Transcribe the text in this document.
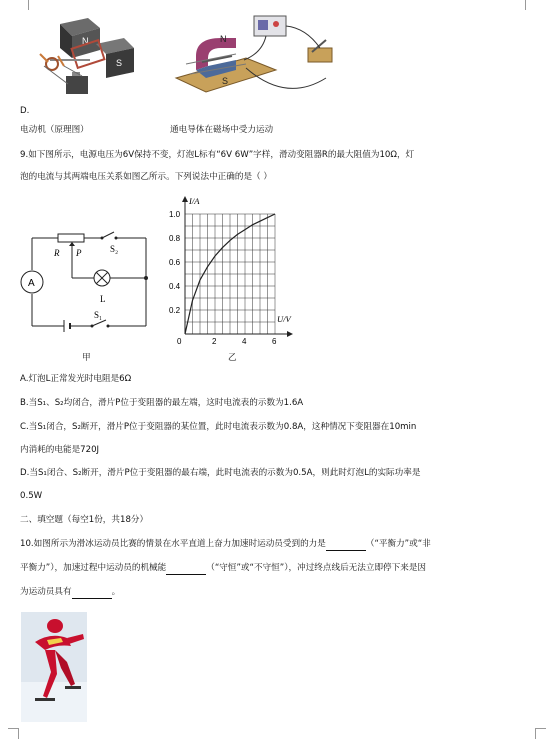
N
S
N
S
D.
电动机（原理图）	通电导体在磁场中受力运动
9.如下图所示，电源电压为6V保持不变，灯泡L标有“6V 6W”字样，滑动变阻器R的最大阻值为10Ω，灯
泡的电流与其两端电压关系如图乙所示。下列说法中正确的是（ ）
A
R P	S₂
L
S₁
甲
2	4	6
1.0
0.8
0.6
0.4
0.2
I/A
U/V
0
乙
A.灯泡L正常发光时电阻是6Ω
B.当S₁、S₂均闭合，滑片P位于变阻器的最左端，这时电流表的示数为1.6A
C.当S₁闭合，S₂断开，滑片P位于变阻器的某位置，此时电流表示数为0.8A，这种情况下变阻器在10min
内消耗的电能是720J
D.当S₁闭合、S₂断开，滑片P位于变阻器的最右端，此时电流表的示数为0.5A，则此时灯泡L的实际功率是
0.5W
二、填空题（每空1份，共18分）
10.如图所示为滑冰运动员比赛的情景在水平直道上奋力加速时运动员受到的力是	（“平衡力”或“非
平衡力”），加速过程中运动员的机械能	（“守恒”或“不守恒”），冲过终点线后无法立即停下来是因
为运动员具有	。
